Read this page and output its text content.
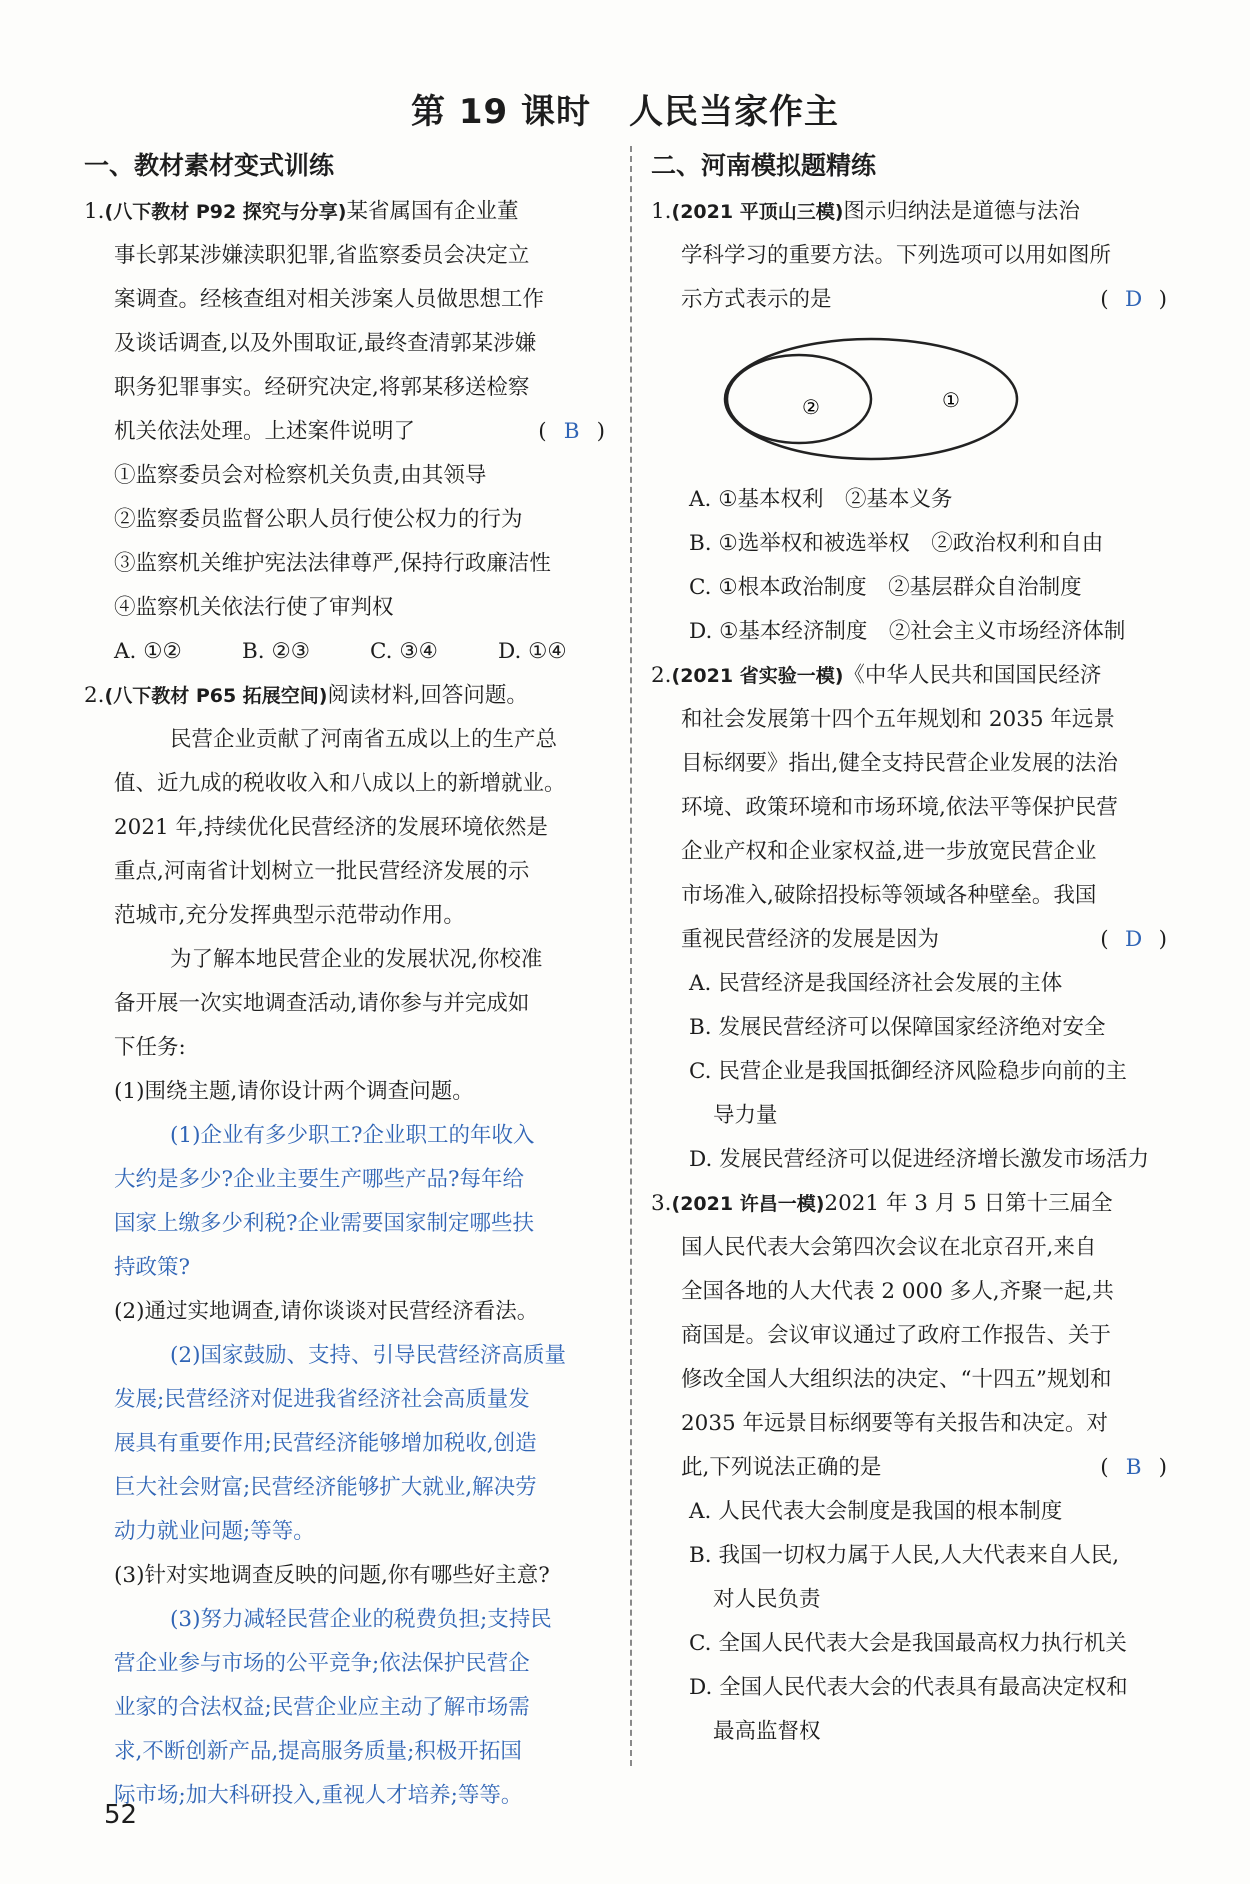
第 19 课时 人民当家作主
一、教材素材变式训练
1.(八下教材 P92 探究与分享)某省属国有企业董
事长郭某涉嫌渎职犯罪,省监察委员会决定立
案调查。经核查组对相关涉案人员做思想工作
及谈话调查,以及外围取证,最终查清郭某涉嫌
职务犯罪事实。经研究决定,将郭某移送检察
机关依法处理。上述案件说明了	( B )
①监察委员会对检察机关负责,由其领导
②监察委员监督公职人员行使公权力的行为
③监察机关维护宪法法律尊严,保持行政廉洁性
④监察机关依法行使了审判权
A. ①②	B. ②③	C. ③④	D. ①④
2.(八下教材 P65 拓展空间)阅读材料,回答问题。
民营企业贡献了河南省五成以上的生产总
值、近九成的税收收入和八成以上的新增就业。
2021 年,持续优化民营经济的发展环境依然是
重点,河南省计划树立一批民营经济发展的示
范城市,充分发挥典型示范带动作用。
为了解本地民营企业的发展状况,你校准
备开展一次实地调查活动,请你参与并完成如
下任务:
(1)围绕主题,请你设计两个调查问题。
(1)企业有多少职工?企业职工的年收入
大约是多少?企业主要生产哪些产品?每年给
国家上缴多少利税?企业需要国家制定哪些扶
持政策?
(2)通过实地调查,请你谈谈对民营经济看法。
(2)国家鼓励、支持、引导民营经济高质量
发展;民营经济对促进我省经济社会高质量发
展具有重要作用;民营经济能够增加税收,创造
巨大社会财富;民营经济能够扩大就业,解决劳
动力就业问题;等等。
(3)针对实地调查反映的问题,你有哪些好主意?
(3)努力减轻民营企业的税费负担;支持民
营企业参与市场的公平竞争;依法保护民营企
业家的合法权益;民营企业应主动了解市场需
求,不断创新产品,提高服务质量;积极开拓国
际市场;加大科研投入,重视人才培养;等等。
二、河南模拟题精练
1.(2021 平顶山三模)图示归纳法是道德与法治
学科学习的重要方法。下列选项可以用如图所
示方式表示的是	( D )
①
②
A. ①基本权利　②基本义务
B. ①选举权和被选举权　②政治权利和自由
C. ①根本政治制度　②基层群众自治制度
D. ①基本经济制度　②社会主义市场经济体制
2.(2021 省实验一模)《中华人民共和国国民经济
和社会发展第十四个五年规划和 2035 年远景
目标纲要》指出,健全支持民营企业发展的法治
环境、政策环境和市场环境,依法平等保护民营
企业产权和企业家权益,进一步放宽民营企业
市场准入,破除招投标等领域各种壁垒。我国
重视民营经济的发展是因为	( D )
A. 民营经济是我国经济社会发展的主体
B. 发展民营经济可以保障国家经济绝对安全
C. 民营企业是我国抵御经济风险稳步向前的主
导力量
D. 发展民营经济可以促进经济增长激发市场活力
3.(2021 许昌一模)2021 年 3 月 5 日第十三届全
国人民代表大会第四次会议在北京召开,来自
全国各地的人大代表 2 000 多人,齐聚一起,共
商国是。会议审议通过了政府工作报告、关于
修改全国人大组织法的决定、“十四五”规划和
2035 年远景目标纲要等有关报告和决定。对
此,下列说法正确的是	( B )
A. 人民代表大会制度是我国的根本制度
B. 我国一切权力属于人民,人大代表来自人民,
对人民负责
C. 全国人民代表大会是我国最高权力执行机关
D. 全国人民代表大会的代表具有最高决定权和
最高监督权
52
